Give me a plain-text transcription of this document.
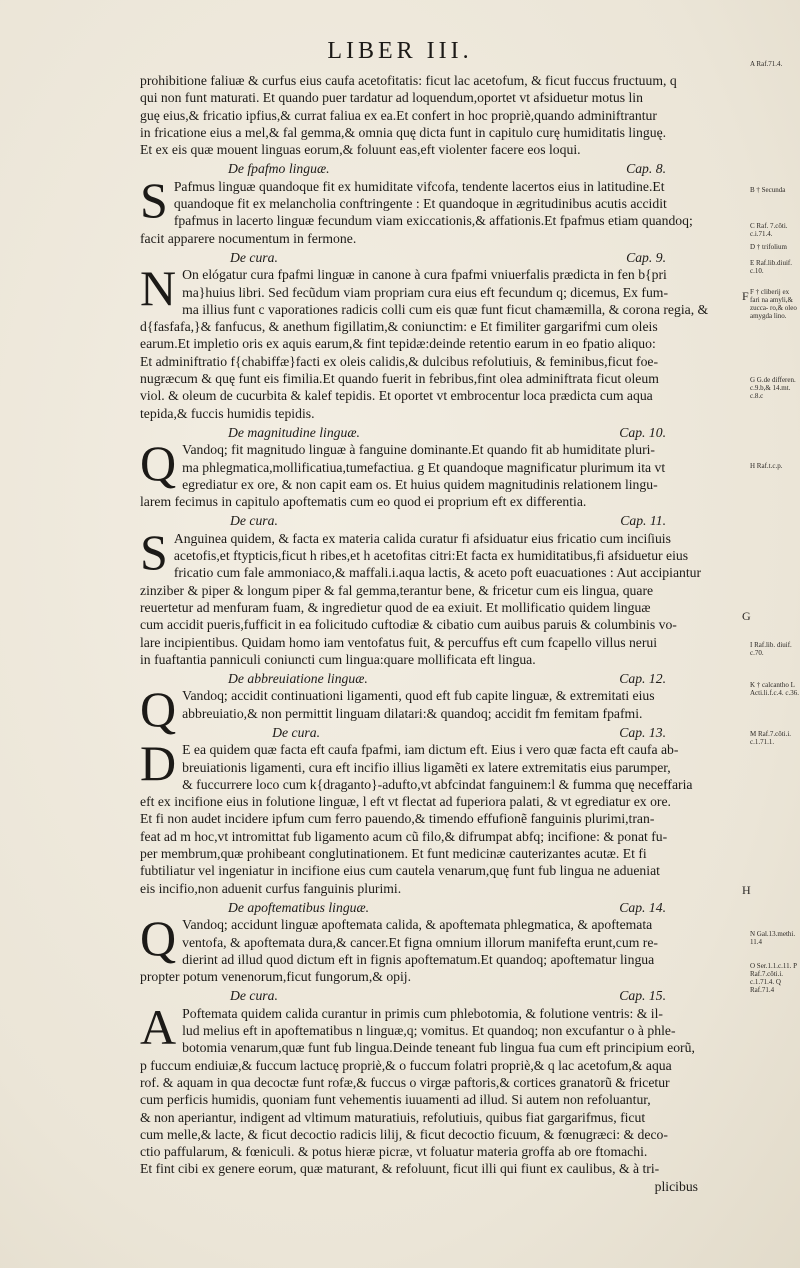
LIBER III.
prohibitione faliuæ & curfus eius caufa acetofitatis: ficut lac acetofum, & ficut fuccus fructuum, q
qui non funt maturati. Et quando puer tardatur ad loquendum,oportet vt afsiduetur motus lin
guę eius,& fricatio ipfius,& currat faliua ex ea.Et confert in hoc propriè,quando adminiftrantur
in fricatione eius a mel,& fal gemma,& omnia quę dicta funt in capitulo curę humiditatis linguę.
Et ex eis quæ mouent linguas eorum,& foluunt eas,eft violenter facere eos loqui.
De fpafmo linguæ.	Cap. 8.
S Pafmus linguæ quandoque fit ex humiditate vifcofa, tendente lacertos eius in latitudine.Et
quandoque fit ex melancholia conftringente : Et quandoque in ægritudinibus acutis accidit
fpafmus in lacerto linguæ fecundum viam exiccationis,& affationis.Et fpafmus etiam quandoq;
facit apparere nocumentum in fermone.
De cura.	Cap. 9.
N On elógatur cura fpafmi linguæ in canone à cura fpafmi vniuerfalis prædicta in fen b{pri
ma}huius libri. Sed fecũdum viam propriam cura eius eft fecundum q; dicemus, Ex fum-
ma illius funt c vaporationes radicis colli cum eis quæ funt ficut chamæmilla, & corona regia, &
d{fasfafa,}& fanfucus, & anethum figillatim,& coniunctim: e Et fimiliter gargarifmi cum oleis
earum.Et impletio oris ex aquis earum,& fint tepidæ:deinde retentio earum in eo fpatio aliquo:
Et adminiftratio f{chabiffæ}facti ex oleis calidis,& dulcibus refolutiuis, & feminibus,ficut foe-
nugræcum & quę funt eis fimilia.Et quando fuerit in febribus,fint olea adminiftrata ficut oleum
viol. & oleum de cucurbita & kalef tepidis. Et oportet vt embrocentur loca prædicta cum aqua
tepida,& fuccis humidis tepidis.
De magnitudine linguæ.	Cap. 10.
Q Vandoq; fit magnitudo linguæ à fanguine dominante.Et quando fit ab humiditate pluri-
ma phlegmatica,mollificatiua,tumefactiua. g Et quandoque magnificatur plurimum ita vt
egrediatur ex ore, & non capit eam os. Et huius quidem magnitudinis relationem lingu-
larem fecimus in capitulo apoftematis cum eo quod ei proprium eft ex differentia.
De cura.	Cap. 11.
S Anguinea quidem, & facta ex materia calida curatur fi afsiduatur eius fricatio cum inciſiuis
acetofis,et ftypticis,ficut h ribes,et h acetofitas citri:Et facta ex humiditatibus,fi afsiduetur eius
fricatio cum fale ammoniaco,& maffali.i.aqua lactis, & aceto poft euacuationes : Aut accipiantur
zinziber & piper & longum piper & fal gemma,terantur bene, & fricetur cum eis lingua, quare
reuertetur ad menfuram fuam, & ingredietur quod de ea exiuit. Et mollificatio quidem linguæ
cum accidit pueris,fufficit in ea folicitudo cuftodiæ & cibatio cum auibus paruis & columbinis vo-
lare incipientibus. Quidam homo iam ventofatus fuit, & percuffus eft cum fcapello villus nerui
in fuaftantia panniculi coniuncti cum lingua:quare mollificata eft lingua.
De abbreuiatione linguæ.	Cap. 12.
Q Vandoq; accidit continuationi ligamenti, quod eft fub capite linguæ, & extremitati eius
abbreuiatio,& non permittit linguam dilatari:& quandoq; accidit fm femitam fpafmi.
De cura.	Cap. 13.
D E ea quidem quæ facta eft caufa fpafmi, iam dictum eft. Eius i vero quæ facta eft caufa ab-
breuiationis ligamenti, cura eft incifio illius ligamẽti ex latere extremitatis eius parumper,
& fuccurrere loco cum k{draganto}-adufto,vt abfcindat fanguinem:l & fumma quę neceffaria
eft ex incifione eius in folutione linguæ, l eft vt flectat ad fuperiora palati, & vt egrediatur ex ore.
Et fi non audet incidere ipfum cum ferro pauendo,& timendo effufionẽ fanguinis plurimi,tran-
feat ad m hoc,vt intromittat fub ligamento acum cũ filo,& difrumpat abfq; incifione: & ponat fu-
per membrum,quæ prohibeant conglutinationem. Et funt medicinæ cauterizantes acutæ. Et fi
fubtiliatur vel ingeniatur in incifione eius cum cautela venarum,quę funt fub lingua ne adueniat
eis incifio,non aduenit curfus fanguinis plurimi.
De apoftematibus linguæ.	Cap. 14.
Q Vandoq; accidunt linguæ apoftemata calida, & apoftemata phlegmatica, & apoftemata
ventofa, & apoftemata dura,& cancer.Et figna omnium illorum manifefta erunt,cum re-
dierint ad illud quod dictum eft in fignis apoftematum.Et quandoq; apoftematur lingua
propter potum venenorum,ficut fungorum,& opij.
De cura.	Cap. 15.
A Poftemata quidem calida curantur in primis cum phlebotomia, & folutione ventris: & il-
lud melius eft in apoftematibus n linguæ,q; vomitus. Et quandoq; non excufantur o à phle-
botomia venarum,quæ funt fub lingua.Deinde teneant fub lingua fua cum eft principium eorũ,
p fuccum endiuiæ,& fuccum lactucę propriè,& o fuccum folatri propriè,& q lac acetofum,& aqua
rof. & aquam in qua decoctæ funt rofæ,& fuccus o virgæ paftoris,& cortices granatorũ & fricetur
cum perficis humidis, quoniam funt vehementis iuuamenti ad illud. Si autem non refoluantur,
& non aperiantur, indigent ad vltimum maturatiuis, refolutiuis, quibus fiat gargarifmus, ficut
cum melle,& lacte, & ficut decoctio radicis lilij, & ficut decoctio ficuum, & fœnugræci: & deco-
ctio paffularum, & fœniculi. & potus hieræ picræ, vt foluatur materia groffa ab ore ftomachi.
Et fint cibi ex genere eorum, quæ maturant, & refoluunt, ficut illi qui fiunt ex caulibus, & à tri-
plicibus
A Raf.71.4.
B † Secunda
C Raf. 7.cõti. c.i.71.4.
D † trifolium
E Raf.lib.diuif. c.10.
F † cliberij ex fari na amyli,& zucca- ro,& oleo amygda lino.
G G.de differen. c.9.b,& 14.mt. c.8.c
H Raf.t.c.p.
I Raf.lib. diuif. c.70.
K † calcantho L Acti.li.f.c.4. c.36.
M Raf.7.cõti.i. c.1.71.1.
N Gal.13.methi. 11.4
O Ser.1.1.c.11. P Raf.7.cõti.i. c.1.71.4. Q Raf.71.4
F
G
H
